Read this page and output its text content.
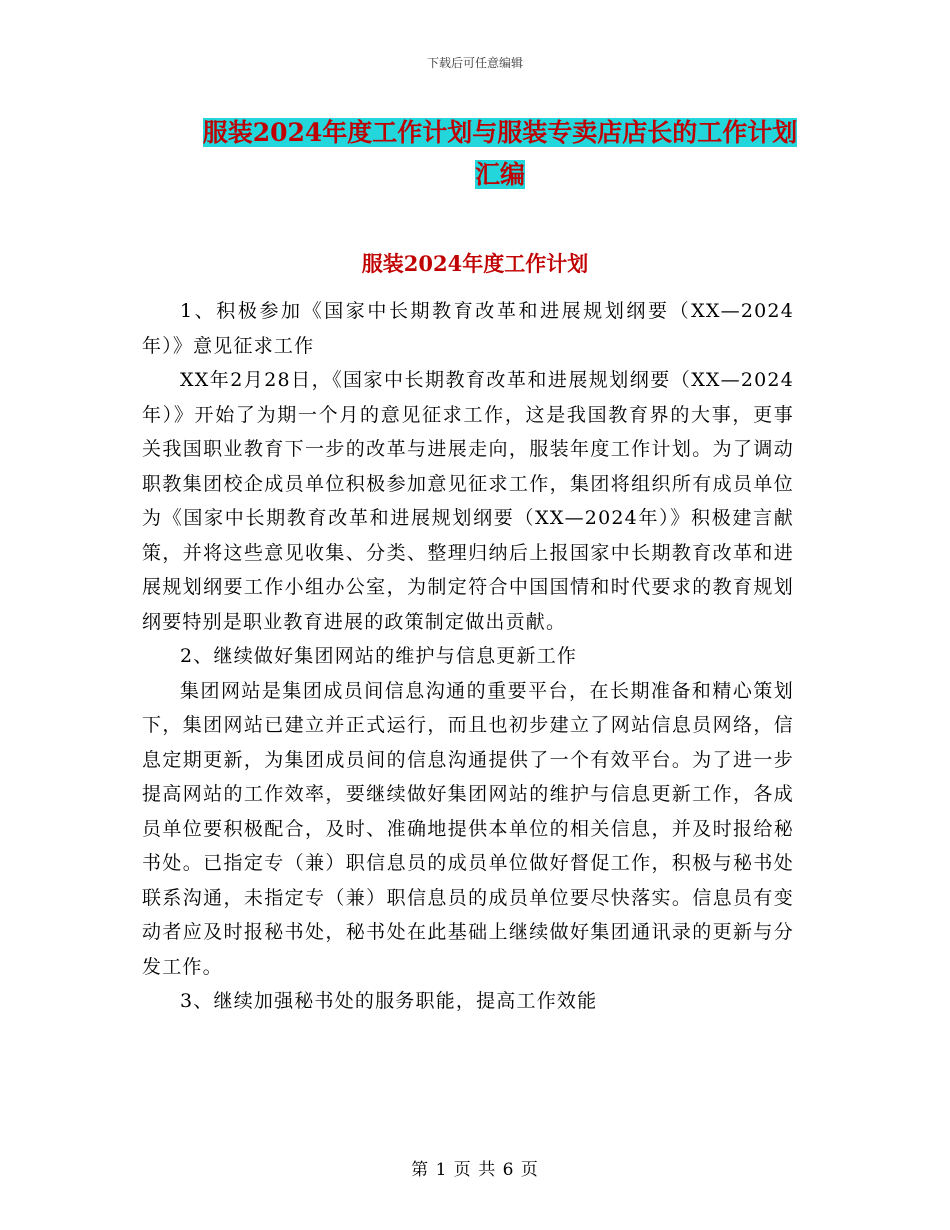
下载后可任意编辑
服装2024年度工作计划与服装专卖店店长的工作计划
汇编
服装2024年度工作计划

1、积极参加《国家中长期教育改革和进展规划纲要（XX—2024年）》意见征求工作

XX年2月28日，《国家中长期教育改革和进展规划纲要（XX—2024年）》开始了为期一个月的意见征求工作，这是我国教育界的大事，更事关我国职业教育下一步的改革与进展走向，服装年度工作计划。为了调动职教集团校企成员单位积极参加意见征求工作，集团将组织所有成员单位为《国家中长期教育改革和进展规划纲要（XX—2024年）》积极建言献策，并将这些意见收集、分类、整理归纳后上报国家中长期教育改革和进展规划纲要工作小组办公室，为制定符合中国国情和时代要求的教育规划纲要特别是职业教育进展的政策制定做出贡献。

2、继续做好集团网站的维护与信息更新工作

集团网站是集团成员间信息沟通的重要平台，在长期准备和精心策划下，集团网站已建立并正式运行，而且也初步建立了网站信息员网络，信息定期更新，为集团成员间的信息沟通提供了一个有效平台。为了进一步提高网站的工作效率，要继续做好集团网站的维护与信息更新工作，各成员单位要积极配合，及时、准确地提供本单位的相关信息，并及时报给秘书处。已指定专（兼）职信息员的成员单位做好督促工作，积极与秘书处联系沟通，未指定专（兼）职信息员的成员单位要尽快落实。信息员有变动者应及时报秘书处，秘书处在此基础上继续做好集团通讯录的更新与分发工作。

3、继续加强秘书处的服务职能，提高工作效能

第 1 页 共 6 页
